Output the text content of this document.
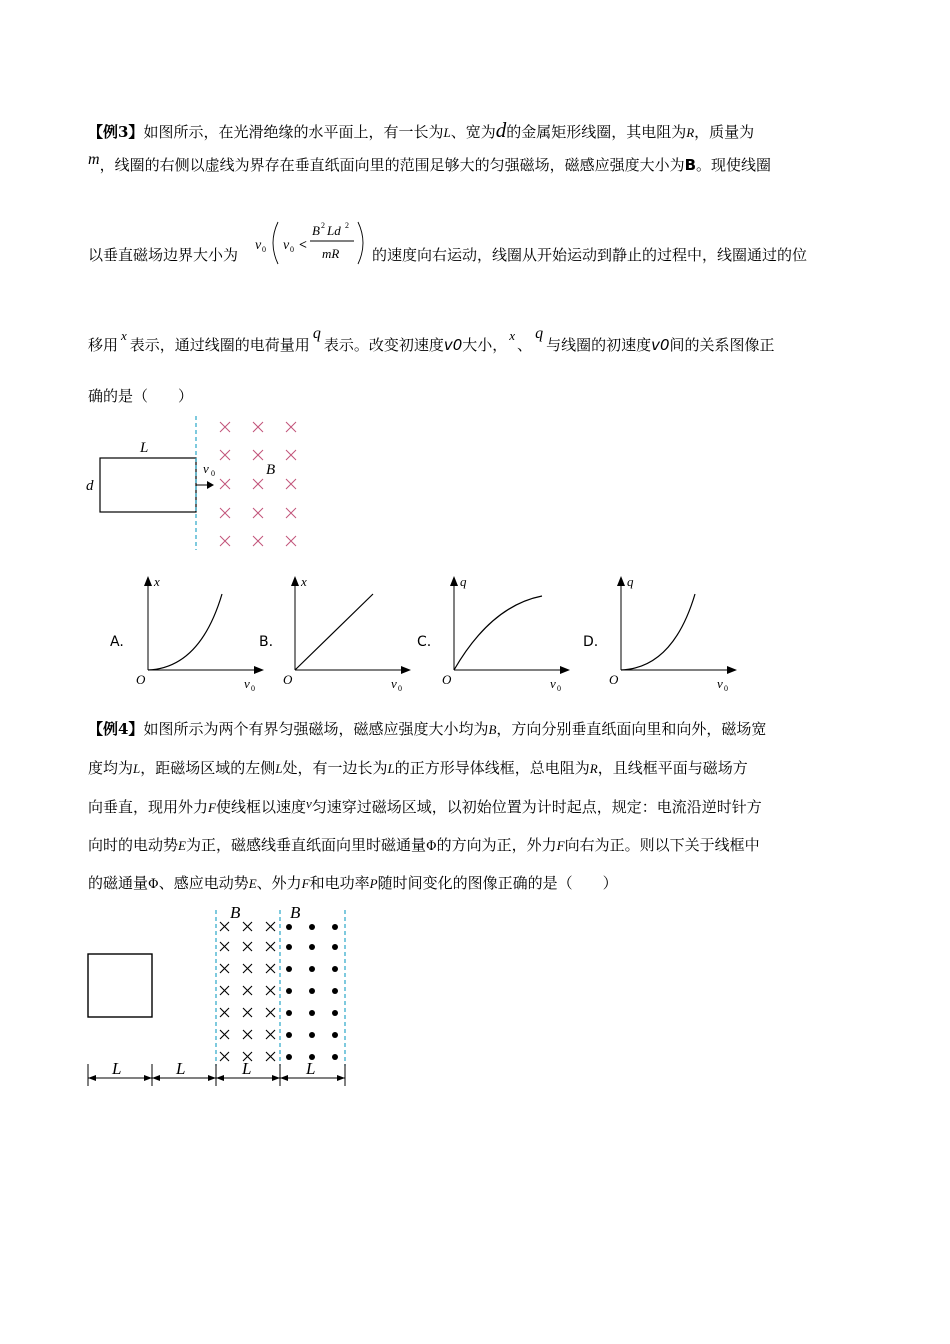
【例3】如图所示，在光滑绝缘的水平面上，有一长为L、宽为d的金属矩形线圈，其电阻为R，质量为
m，线圈的右侧以虚线为界存在垂直纸面向里的范围足够大的匀强磁场，磁感应强度大小为B。现使线圈
以垂直磁场边界大小为
v 0 v 0 <
B 2 Ld 2
mR 的速度向右运动，线圈从开始运动到静止的过程中，线圈通过的位
移用x表示，通过线圈的电荷量用q表示。改变初速度v0大小，x、q与线圈的初速度v0间的关系图像正
确的是（　　）
L
d
v 0	B
A.
x
v 0
O
B.
x
v 0
O
C.
q
v 0
O
D.
q
v 0
O
【例4】如图所示为两个有界匀强磁场，磁感应强度大小均为B，方向分别垂直纸面向里和向外，磁场宽
度均为L，距磁场区域的左侧L处，有一边长为L的正方形导体线框，总电阻为R，且线框平面与磁场方
向垂直，现用外力F使线框以速度v匀速穿过磁场区域，以初始位置为计时起点，规定：电流沿逆时针方
向时的电动势E为正，磁感线垂直纸面向里时磁通量Φ的方向为正，外力F向右为正。则以下关于线框中
的磁通量Φ、感应电动势E、外力F和电功率P随时间变化的图像正确的是（　　）
B	B
L	L	L	L
